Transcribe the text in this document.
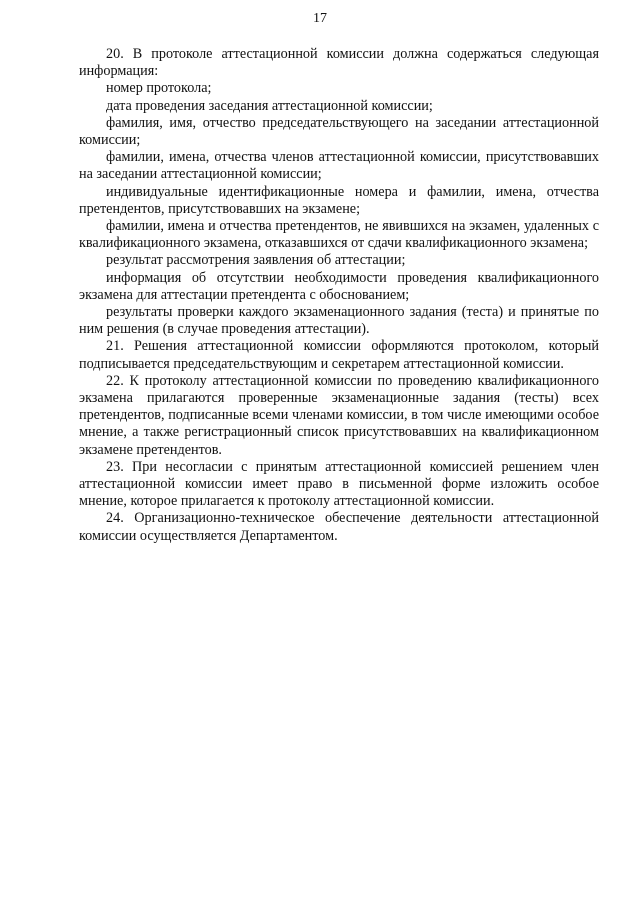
17

20. В протоколе аттестационной комиссии должна содержаться следующая информация:

номер протокола;

дата проведения заседания аттестационной комиссии;

фамилия, имя, отчество председательствующего на заседании аттестационной комиссии;

фамилии, имена, отчества членов аттестационной комиссии, присутствовавших на заседании аттестационной комиссии;

индивидуальные идентификационные номера и фамилии, имена, отчества претендентов, присутствовавших на экзамене;

фамилии, имена и отчества претендентов, не явившихся на экзамен, удаленных с квалификационного экзамена, отказавшихся от сдачи квалификационного экзамена;

результат рассмотрения заявления об аттестации;

информация об отсутствии необходимости проведения квалификационного экзамена для аттестации претендента с обоснованием;

результаты проверки каждого экзаменационного задания (теста) и принятые по ним решения (в случае проведения аттестации).

21. Решения аттестационной комиссии оформляются протоколом, который подписывается председательствующим и секретарем аттестационной комиссии.

22. К протоколу аттестационной комиссии по проведению квалификационного экзамена прилагаются проверенные экзаменационные задания (тесты) всех претендентов, подписанные всеми членами комиссии, в том числе имеющими особое мнение, а также регистрационный список присутствовавших на квалификационном экзамене претендентов.

23. При несогласии с принятым аттестационной комиссией решением член аттестационной комиссии имеет право в письменной форме изложить особое мнение, которое прилагается к протоколу аттестационной комиссии.

24. Организационно-техническое обеспечение деятельности аттестационной комиссии осуществляется Департаментом.
